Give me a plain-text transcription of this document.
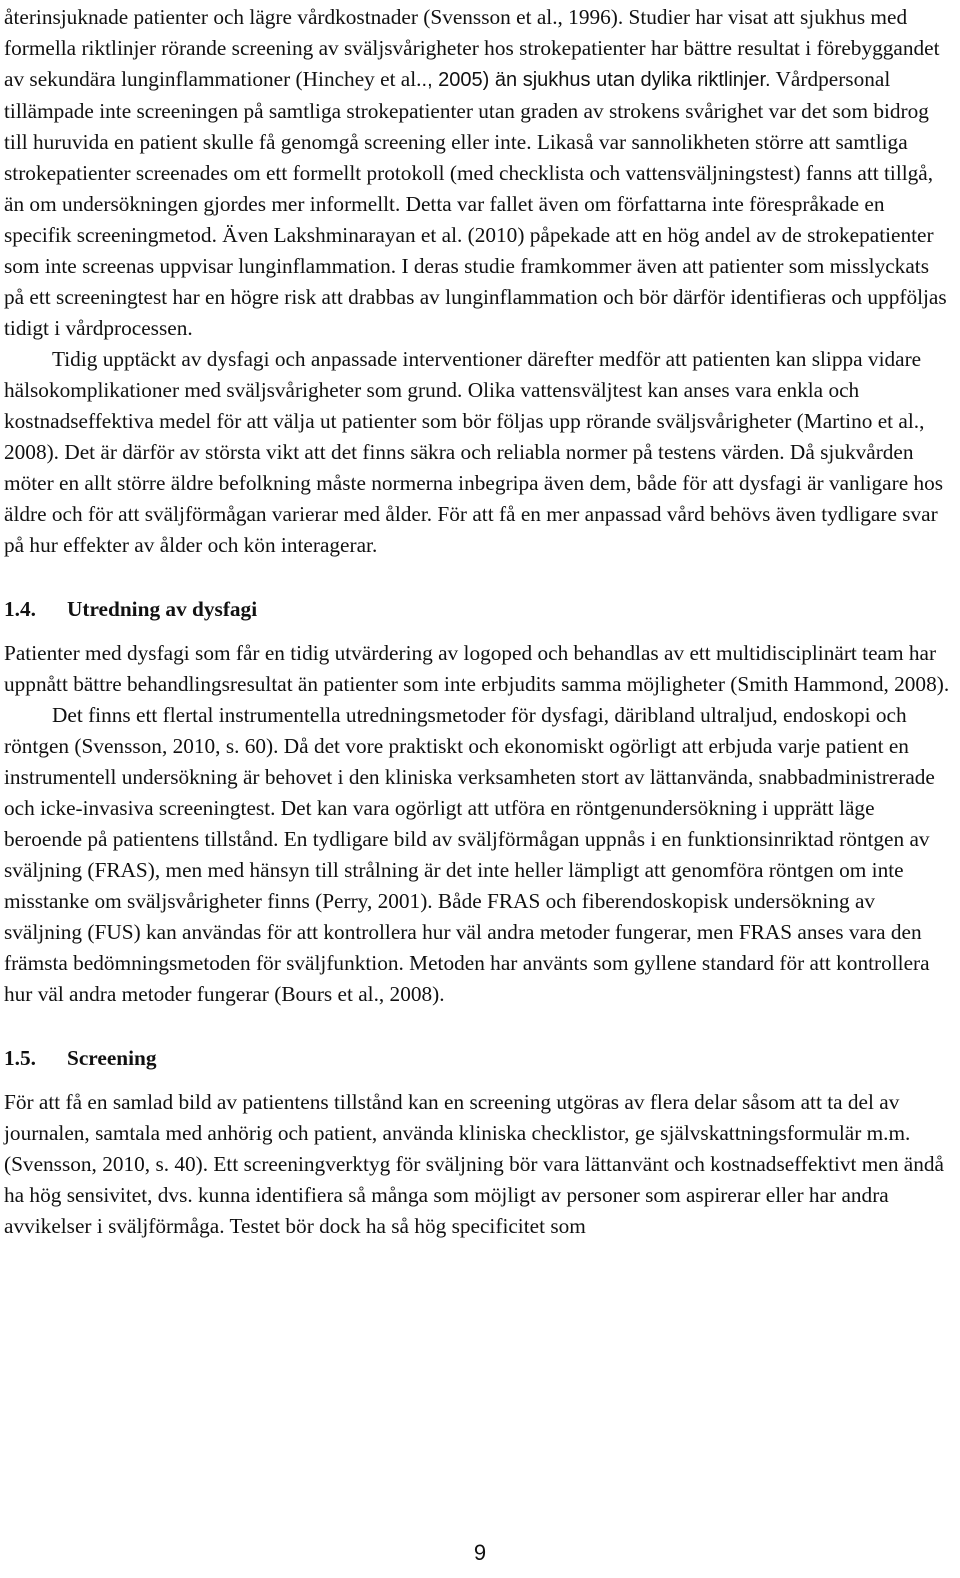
återinsjuknade patienter och lägre vårdkostnader (Svensson et al., 1996). Studier har visat att sjukhus med formella riktlinjer rörande screening av sväljsvårigheter hos strokepatienter har bättre resultat i förebyggandet av sekundära lunginflammationer (Hinchey et al.., 2005) än sjukhus utan dylika riktlinjer. Vårdpersonal tillämpade inte screeningen på samtliga strokepatienter utan graden av strokens svårighet var det som bidrog till huruvida en patient skulle få genomgå screening eller inte. Likaså var sannolikheten större att samtliga strokepatienter screenades om ett formellt protokoll (med checklista och vattensväljningstest) fanns att tillgå, än om undersökningen gjordes mer informellt. Detta var fallet även om författarna inte förespråkade en specifik screeningmetod. Även Lakshminarayan et al. (2010) påpekade att en hög andel av de strokepatienter som inte screenas uppvisar lunginflammation. I deras studie framkommer även att patienter som misslyckats på ett screeningtest har en högre risk att drabbas av lunginflammation och bör därför identifieras och uppföljas tidigt i vårdprocessen.

Tidig upptäckt av dysfagi och anpassade interventioner därefter medför att patienten kan slippa vidare hälsokomplikationer med sväljsvårigheter som grund. Olika vattensväljtest kan anses vara enkla och kostnadseffektiva medel för att välja ut patienter som bör följas upp rörande sväljsvårigheter (Martino et al., 2008). Det är därför av största vikt att det finns säkra och reliabla normer på testens värden. Då sjukvården möter en allt större äldre befolkning måste normerna inbegripa även dem, både för att dysfagi är vanligare hos äldre och för att sväljförmågan varierar med ålder. För att få en mer anpassad vård behövs även tydligare svar på hur effekter av ålder och kön interagerar.

1.4.	Utredning av dysfagi

Patienter med dysfagi som får en tidig utvärdering av logoped och behandlas av ett multidisciplinärt team har uppnått bättre behandlingsresultat än patienter som inte erbjudits samma möjligheter (Smith Hammond, 2008).

Det finns ett flertal instrumentella utredningsmetoder för dysfagi, däribland ultraljud, endoskopi och röntgen (Svensson, 2010, s. 60). Då det vore praktiskt och ekonomiskt ogörligt att erbjuda varje patient en instrumentell undersökning är behovet i den kliniska verksamheten stort av lättanvända, snabbadministrerade och icke-invasiva screeningtest. Det kan vara ogörligt att utföra en röntgenundersökning i upprätt läge beroende på patientens tillstånd. En tydligare bild av sväljförmågan uppnås i en funktionsinriktad röntgen av sväljning (FRAS), men med hänsyn till strålning är det inte heller lämpligt att genomföra röntgen om inte misstanke om sväljsvårigheter finns (Perry, 2001). Både FRAS och fiberendoskopisk undersökning av sväljning (FUS) kan användas för att kontrollera hur väl andra metoder fungerar, men FRAS anses vara den främsta bedömningsmetoden för sväljfunktion. Metoden har använts som gyllene standard för att kontrollera hur väl andra metoder fungerar (Bours et al., 2008).

1.5.	Screening

För att få en samlad bild av patientens tillstånd kan en screening utgöras av flera delar såsom att ta del av journalen, samtala med anhörig och patient, använda kliniska checklistor, ge självskattningsformulär m.m. (Svensson, 2010, s. 40). Ett screeningverktyg för sväljning bör vara lättanvänt och kostnadseffektivt men ändå ha hög sensivitet, dvs. kunna identifiera så många som möjligt av personer som aspirerar eller har andra avvikelser i sväljförmåga. Testet bör dock ha så hög specificitet som

9
